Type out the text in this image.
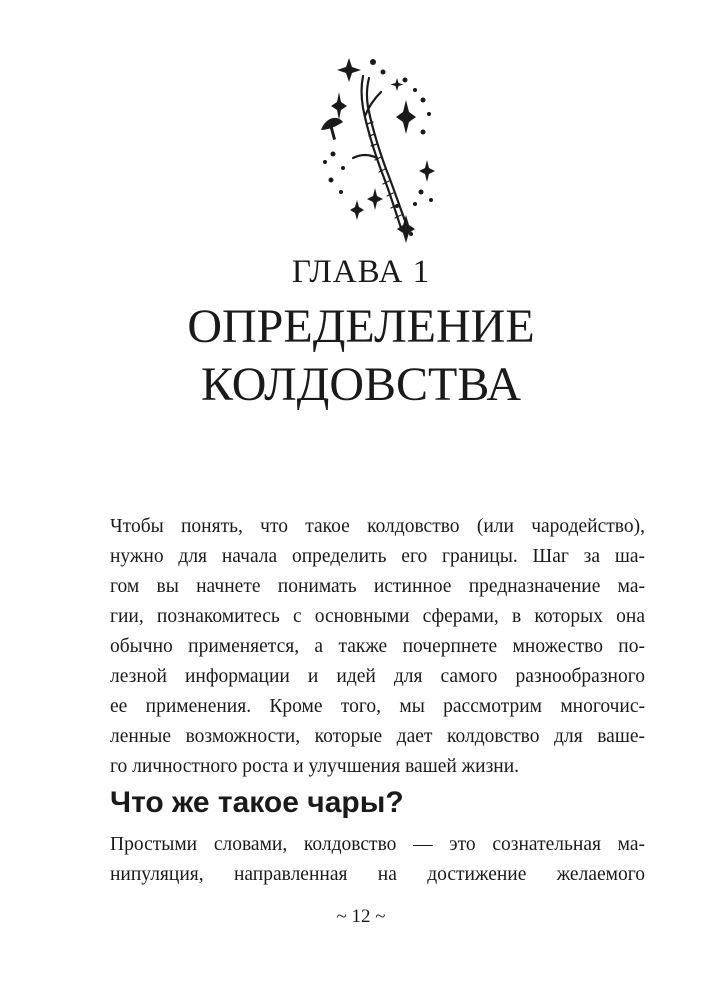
ГЛАВА 1
ОПРЕДЕЛЕНИЕ
КОЛДОВСТВА
Чтобы понять, что такое колдовство (или чародейство),
нужно для начала определить его границы. Шаг за ша-
гом вы начнете понимать истинное предназначение ма-
гии, познакомитесь с основными сферами, в которых она
обычно применяется, а также почерпнете множество по-
лезной информации и идей для самого разнообразного
ее применения. Кроме того, мы рассмотрим многочис-
ленные возможности, которые дает колдовство для ваше-
го личностного роста и улучшения вашей жизни.
Что же такое чары?
Простыми словами, колдовство — это сознательная ма-
нипуляция, направленная на достижение желаемого
~ 12 ~
